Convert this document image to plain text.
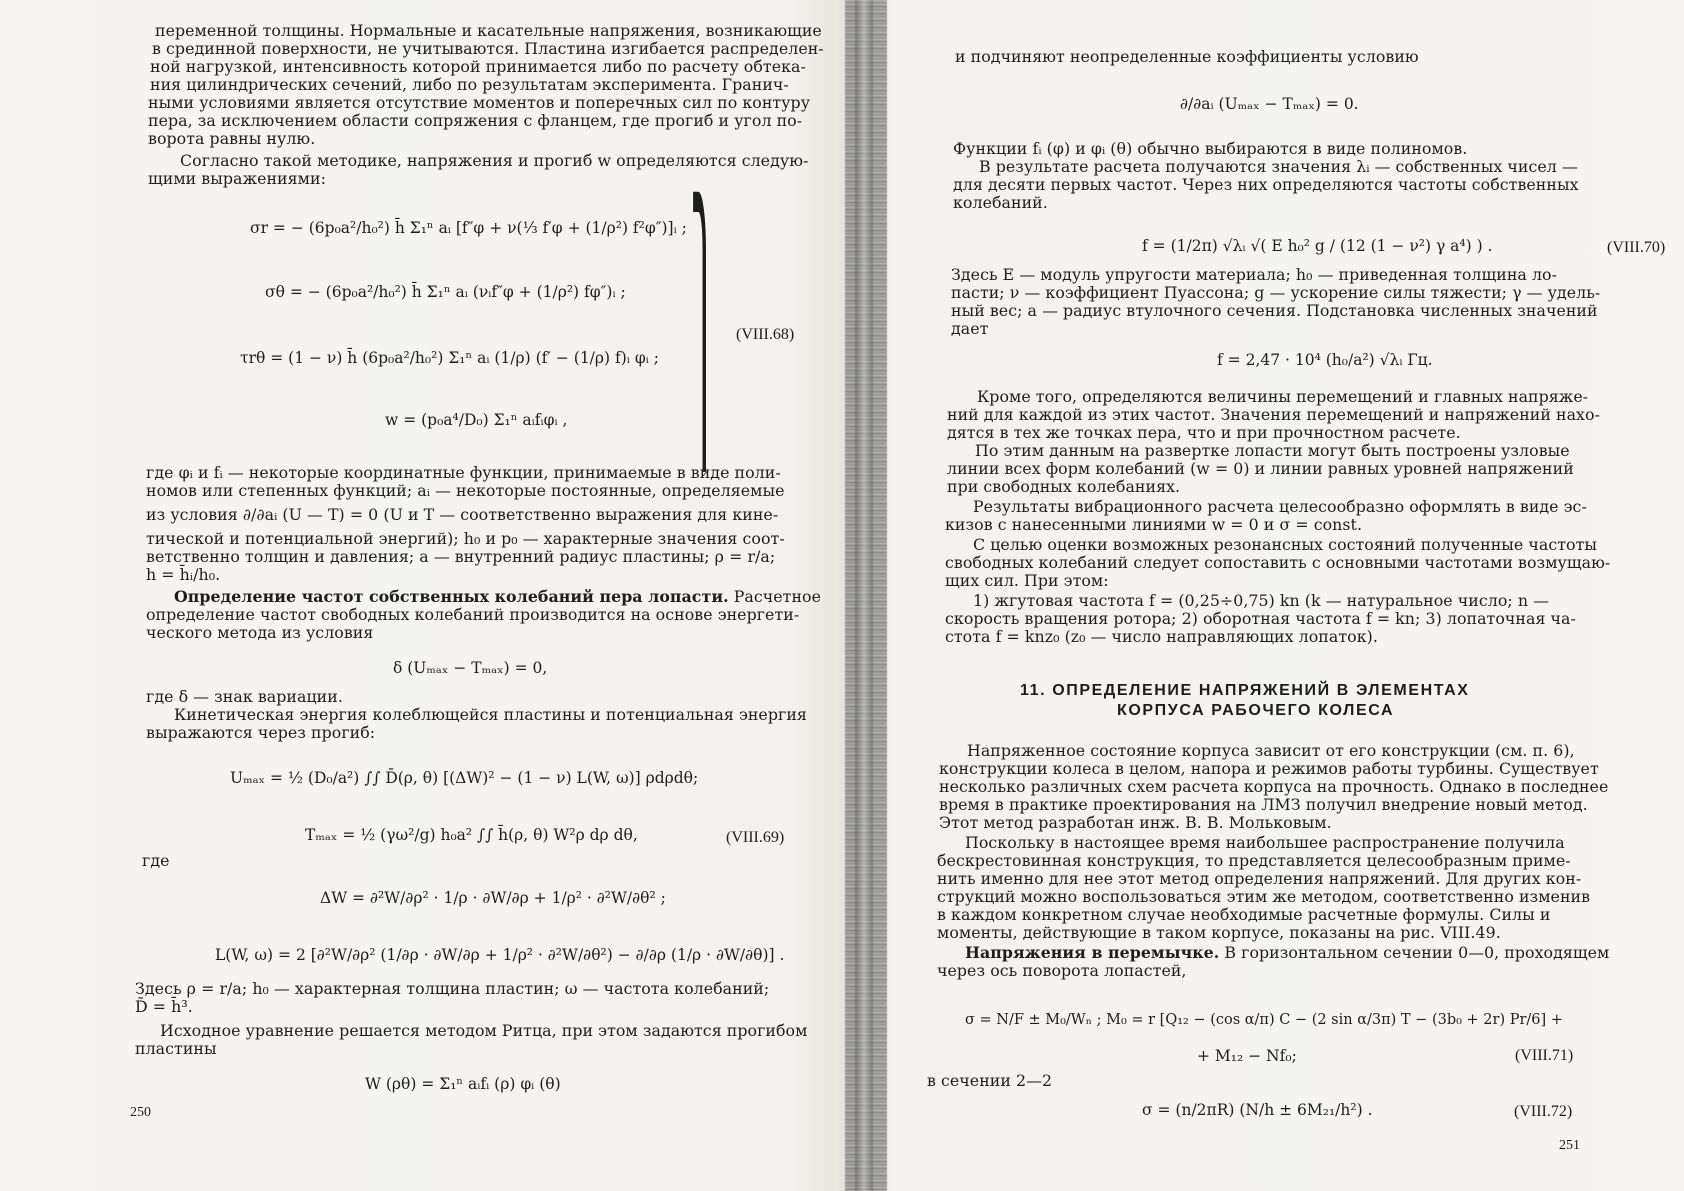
переменной толщины. Нормальные и касательные напряжения, возникающие
в срединной поверхности, не учитываются. Пластина изгибается распределен-
ной нагрузкой, интенсивность которой принимается либо по расчету обтека-
ния цилиндрических сечений, либо по результатам эксперимента. Гранич-
ными условиями является отсутствие моментов и поперечных сил по контуру
пера, за исключением области сопряжения с фланцем, где прогиб и угол по-
ворота равны нулю.
Согласно такой методике, напряжения и прогиб w определяются следую-
щими выражениями:
σr = − (6p₀a²/h₀²) h̄ Σ₁ⁿ aᵢ [f″φ + ν(⅓ f′φ + (1/ρ²) f²φ″)]ᵢ ;
σθ = − (6p₀a²/h₀²) h̄ Σ₁ⁿ aᵢ (νᵢf″φ + (1/ρ²) fφ″)ᵢ ;
τrθ = (1 − ν) h̄ (6p₀a²/h₀²) Σ₁ⁿ aᵢ (1/ρ) (f′ − (1/ρ) f)ᵢ φᵢ ;
w = (p₀a⁴/D₀) Σ₁ⁿ aᵢfᵢφᵢ ,	⎫ (VIII.68)
где φᵢ и fᵢ — некоторые координатные функции, принимаемые в виде поли-
номов или степенных функций; aᵢ — некоторые постоянные, определяемые
из условия ∂/∂aᵢ (U — T) = 0 (U и T — соответственно выражения для кине-
тической и потенциальной энергий); h₀ и p₀ — характерные значения соот-
ветственно толщин и давления; a — внутренний радиус пластины; ρ = r/a;
h = h̄ᵢ/h₀.
Определение частот собственных колебаний пера лопасти. Расчетное
определение частот свободных колебаний производится на основе энергети-
ческого метода из условия
δ (Uₘₐₓ − Tₘₐₓ) = 0,
где δ — знак вариации.
Кинетическая энергия колеблющейся пластины и потенциальная энергия
выражаются через прогиб:
Uₘₐₓ = ½ (D₀/a²) ∫∫ D̄(ρ, θ) [(ΔW)² − (1 − ν) L(W, ω)] ρdρdθ;
Tₘₐₓ = ½ (γω²/g) h₀a² ∫∫ h̄(ρ, θ) W²ρ dρ dθ,	(VIII.69)
где
ΔW = ∂²W/∂ρ² · 1/ρ · ∂W/∂ρ + 1/ρ² · ∂²W/∂θ² ;
L(W, ω) = 2 [∂²W/∂ρ² (1/∂ρ · ∂W/∂ρ + 1/ρ² · ∂²W/∂θ²) − ∂/∂ρ (1/ρ · ∂W/∂θ)] .
Здесь ρ = r/a; h₀ — характерная толщина пластин; ω — частота колебаний;
D̄ = h̄³.
Исходное уравнение решается методом Ритца, при этом задаются прогибом
пластины
W (ρθ) = Σ₁ⁿ aᵢfᵢ (ρ) φᵢ (θ)
250
и подчиняют неопределенные коэффициенты условию
∂/∂aᵢ (Uₘₐₓ − Tₘₐₓ) = 0.
Функции fᵢ (φ) и φᵢ (θ) обычно выбираются в виде полиномов.
В результате расчета получаются значения λᵢ — собственных чисел —
для десяти первых частот. Через них определяются частоты собственных
колебаний.
f = (1/2π) √λᵢ √( E h₀² g / (12 (1 − ν²) γ a⁴) ) .	(VIII.70)
Здесь E — модуль упругости материала; h₀ — приведенная толщина ло-
пасти; ν — коэффициент Пуассона; g — ускорение силы тяжести; γ — удель-
ный вес; a — радиус втулочного сечения. Подстановка численных значений
дает
f = 2,47 · 10⁴ (h₀/a²) √λᵢ Гц.
Кроме того, определяются величины перемещений и главных напряже-
ний для каждой из этих частот. Значения перемещений и напряжений нахо-
дятся в тех же точках пера, что и при прочностном расчете.
По этим данным на развертке лопасти могут быть построены узловые
линии всех форм колебаний (w = 0) и линии равных уровней напряжений
при свободных колебаниях.
Результаты вибрационного расчета целесообразно оформлять в виде эс-
кизов с нанесенными линиями w = 0 и σ = const.
С целью оценки возможных резонансных состояний полученные частоты
свободных колебаний следует сопоставить с основными частотами возмущаю-
щих сил. При этом:
1) жгутовая частота f = (0,25÷0,75) kn (k — натуральное число; n —
скорость вращения ротора; 2) оборотная частота f = kn; 3) лопаточная ча-
стота f = knz₀ (z₀ — число направляющих лопаток).
11. ОПРЕДЕЛЕНИЕ НАПРЯЖЕНИЙ В ЭЛЕМЕНТАХ
КОРПУСА РАБОЧЕГО КОЛЕСА
Напряженное состояние корпуса зависит от его конструкции (см. п. 6),
конструкции колеса в целом, напора и режимов работы турбины. Существует
несколько различных схем расчета корпуса на прочность. Однако в последнее
время в практике проектирования на ЛМЗ получил внедрение новый метод.
Этот метод разработан инж. В. В. Мольковым.
Поскольку в настоящее время наибольшее распространение получила
бескрестовинная конструкция, то представляется целесообразным приме-
нить именно для нее этот метод определения напряжений. Для других кон-
струкций можно воспользоваться этим же методом, соответственно изменив
в каждом конкретном случае необходимые расчетные формулы. Силы и
моменты, действующие в таком корпусе, показаны на рис. VIII.49.
Напряжения в перемычке. В горизонтальном сечении 0—0, проходящем
через ось поворота лопастей,
σ = N/F ± M₀/Wₙ ; M₀ = r [Q₁₂ − (cos α/π) C − (2 sin α/3π) T − (3b₀ + 2r) Pr/6] +
+ M₁₂ − Nf₀;	(VIII.71)
в сечении 2—2
σ = (n/2πR) (N/h ± 6M₂₁/h²) .	(VIII.72)
251
